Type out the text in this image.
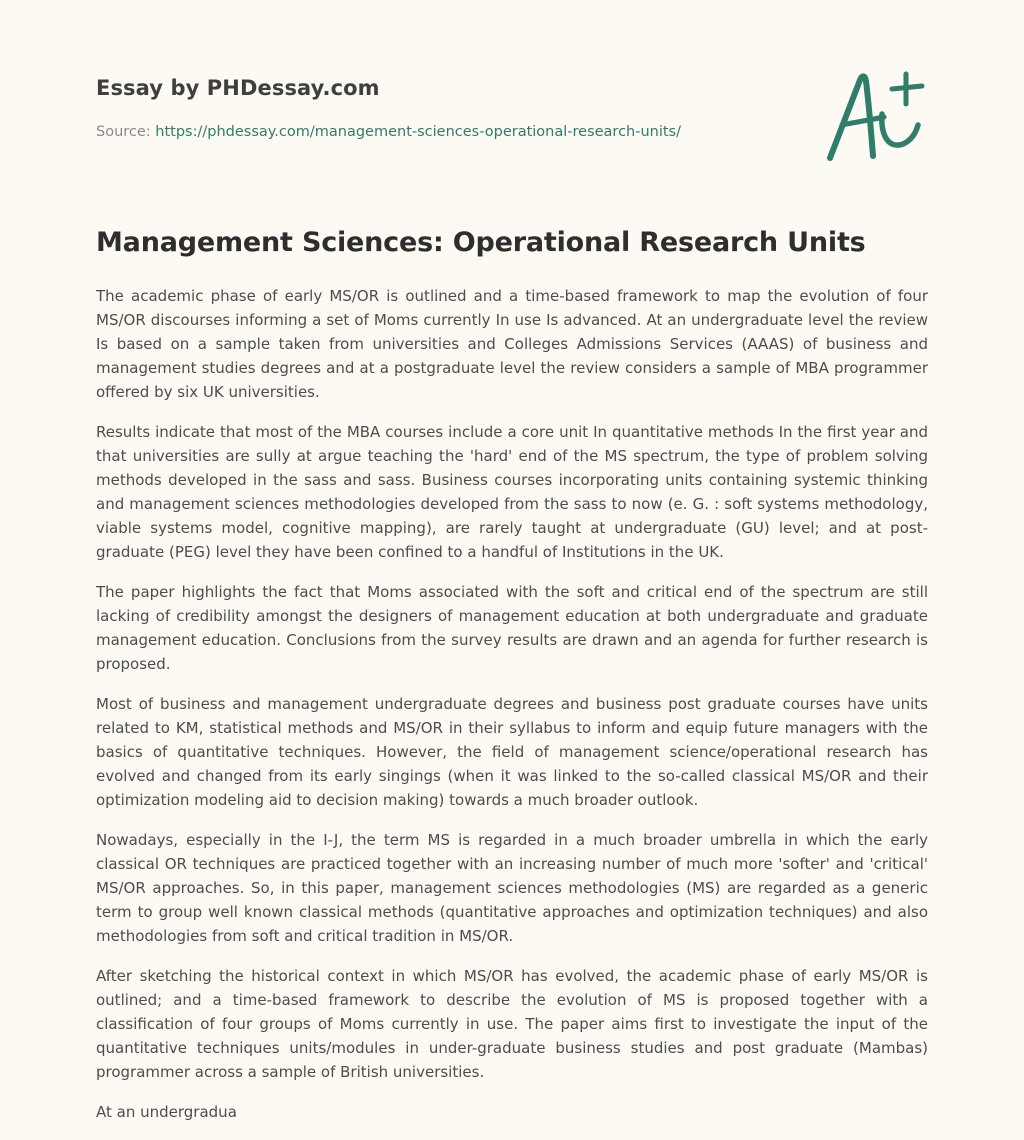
Essay by PHDessay.com
Source: https://phdessay.com/management-sciences-operational-research-units/
Management Sciences: Operational Research Units

The academic phase of early MS/OR is outlined and a time-based framework to map the evolution of four MS/OR discourses informing a set of Moms currently In use Is advanced. At an undergraduate level the review Is based on a sample taken from universities and Colleges Admissions Services (AAAS) of business and management studies degrees and at a postgraduate level the review considers a sample of MBA programmer offered by six UK universities.

Results indicate that most of the MBA courses include a core unit In quantitative methods In the first year and that universities are sully at argue teaching the 'hard' end of the MS spectrum, the type of problem solving methods developed in the sass and sass. Business courses incorporating units containing systemic thinking and management sciences methodologies developed from the sass to now (e. G. : soft systems methodology, viable systems model, cognitive mapping), are rarely taught at undergraduate (GU) level; and at post- graduate (PEG) level they have been confined to a handful of Institutions in the UK.

The paper highlights the fact that Moms associated with the soft and critical end of the spectrum are still lacking of credibility amongst the designers of management education at both undergraduate and graduate management education. Conclusions from the survey results are drawn and an agenda for further research is proposed.

Most of business and management undergraduate degrees and business post graduate courses have units related to KM, statistical methods and MS/OR in their syllabus to inform and equip future managers with the basics of quantitative techniques. However, the field of management science/operational research has evolved and changed from its early singings (when it was linked to the so-called classical MS/OR and their optimization modeling aid to decision making) towards a much broader outlook.

Nowadays, especially in the I-J, the term MS is regarded in a much broader umbrella in which the early classical OR techniques are practiced together with an increasing number of much more 'softer' and 'critical' MS/OR approaches. So, in this paper, management sciences methodologies (MS) are regarded as a generic term to group well known classical methods (quantitative approaches and optimization techniques) and also methodologies from soft and critical tradition in MS/OR.

After sketching the historical context in which MS/OR has evolved, the academic phase of early MS/OR is outlined; and a time-based framework to describe the evolution of MS is proposed together with a classification of four groups of Moms currently in use. The paper aims first to investigate the input of the quantitative techniques units/modules in under-graduate business studies and post graduate (Mambas) programmer across a sample of British universities.

At an undergradua
